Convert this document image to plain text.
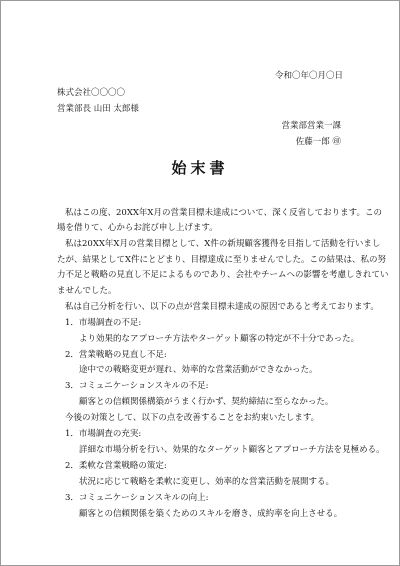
令和〇年〇月〇日
株式会社〇〇〇〇
営業部長 山田 太郎様
営業部営業一課
佐藤一郎 ㊞
始末書
私はこの度、20XX年X月の営業目標未達成について、深く反省しております。この
場を借りて、心からお詫び申し上げます。
私は20XX年X月の営業目標として、X件の新規顧客獲得を目指して活動を行いまし
たが、結果としてX件にとどまり、目標達成に至りませんでした。この結果は、私の努
力不足と戦略の見直し不足によるものであり、会社やチームへの影響を考慮しきれてい
ませんでした。
私は自己分析を行い、以下の点が営業目標未達成の原因であると考えております。
1．市場調査の不足:
より効果的なアプローチ方法やターゲット顧客の特定が不十分であった。
2．営業戦略の見直し不足:
途中での戦略変更が遅れ、効率的な営業活動ができなかった。
3．コミュニケーションスキルの不足:
顧客との信頼関係構築がうまく行かず、契約締結に至らなかった。
今後の対策として、以下の点を改善することをお約束いたします。
1．市場調査の充実:
詳細な市場分析を行い、効果的なターゲット顧客とアプローチ方法を見極める。
2．柔軟な営業戦略の策定:
状況に応じて戦略を柔軟に変更し、効率的な営業活動を展開する。
3．コミュニケーションスキルの向上:
顧客との信頼関係を築くためのスキルを磨き、成約率を向上させる。
